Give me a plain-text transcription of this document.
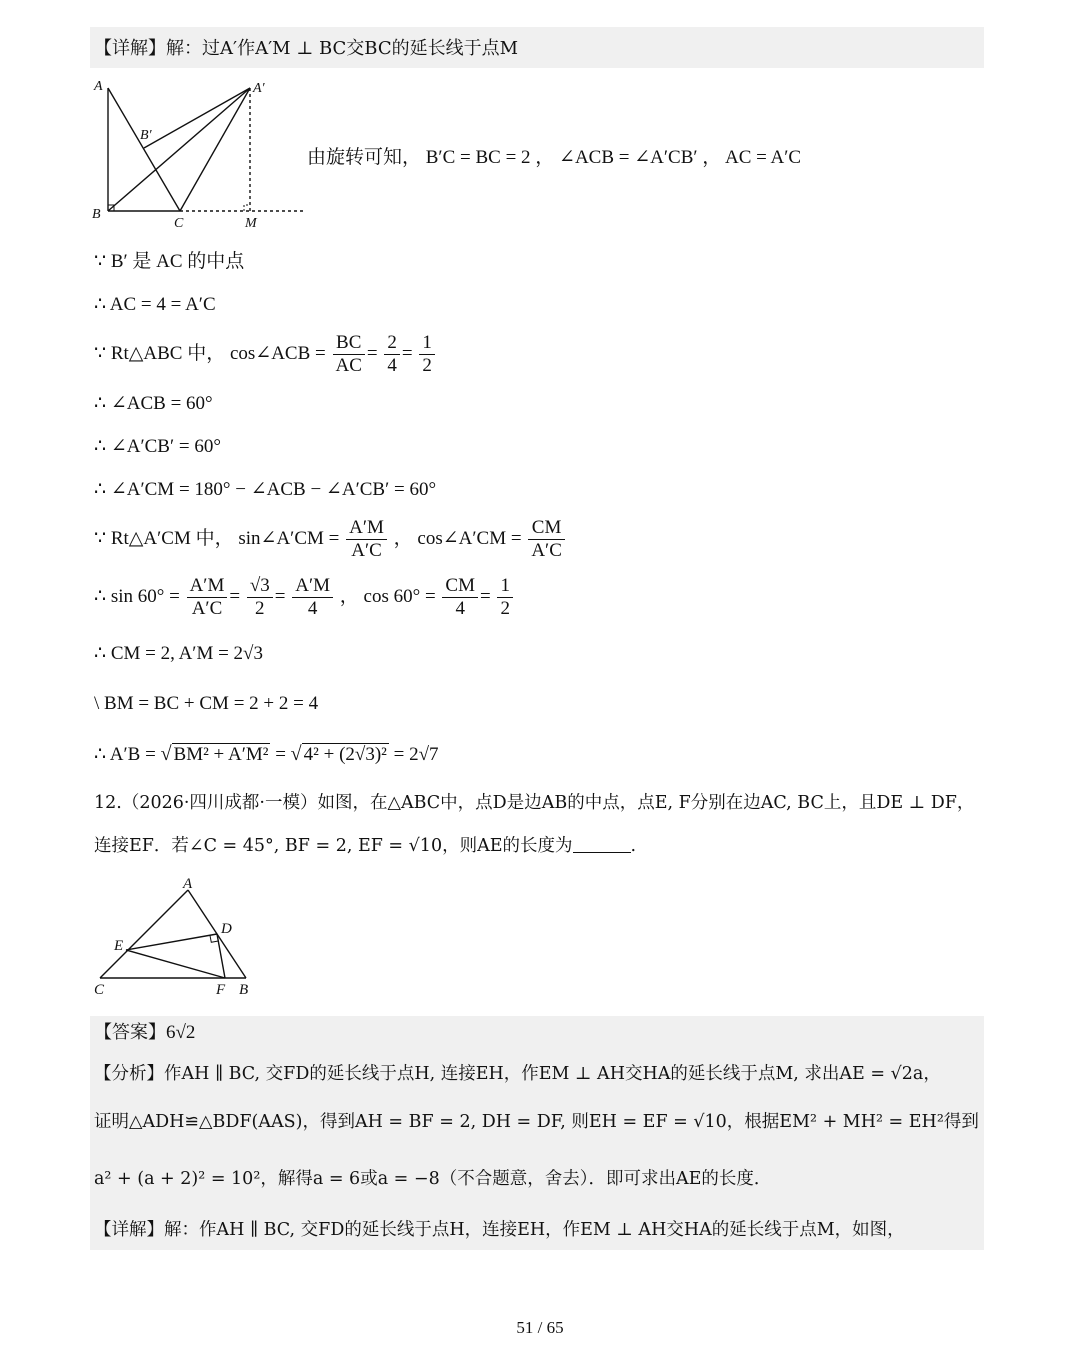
【详解】解：过A′作A′M ⊥ BC交BC的延长线于点M
A	A′
B′
B
C	M
由旋转可知， B′C = BC = 2 ， ∠ACB = ∠A′CB′ ， AC = A′C
∵ B′ 是 AC 的中点
∴ AC = 4 = A′C
∵ Rt△ABC 中， cos∠ACB = $\frac{BC}{AC} = \frac{2}{4} = \frac{1}{2}$
∴ ∠ACB = 60°
∴ ∠A′CB′ = 60°
∴ ∠A′CM = 180° − ∠ACB − ∠A′CB′ = 60°
∵ Rt△A′CM 中， sin∠A′CM = $\frac{A'M}{A'C}$ ， cos∠A′CM = $\frac{CM}{A'C}$
∴ $\sin 60^\circ = \frac{A'M}{A'C} = \frac{√3}{2} = \frac{A'M}{4}$ ， $\cos 60^\circ = \frac{CM}{4} = \frac{1}{2}$
∴ CM = 2, A′M = 2√3
\ BM = BC + CM = 2 + 2 = 4
∴ A′B = √ BM² + A′M² = √ 4² + (2√3)² = 2√7
12.（2026·四川成都·一模）如图，在△ABC中，点D是边AB的中点，点E, F分别在边AC, BC上，且DE ⊥ DF，
连接EF．若∠C = 45°, BF = 2, EF = √10，则AE的长度为	.
A
D
E
C	F B
【答案】6√2
【分析】作AH ∥ BC, 交FD的延长线于点H, 连接EH，作EM ⊥ AH交HA的延长线于点M, 求出AE = √2a，
证明△ADH≌△BDF(AAS)，得到AH = BF = 2, DH = DF, 则EH = EF = √10，根据EM² + MH² = EH²得到
a² + (a + 2)² = 10²，解得a = 6或a = −8（不合题意，舍去）．即可求出AE的长度．
【详解】解：作AH ∥ BC, 交FD的延长线于点H，连接EH，作EM ⊥ AH交HA的延长线于点M，如图，
51 / 65
